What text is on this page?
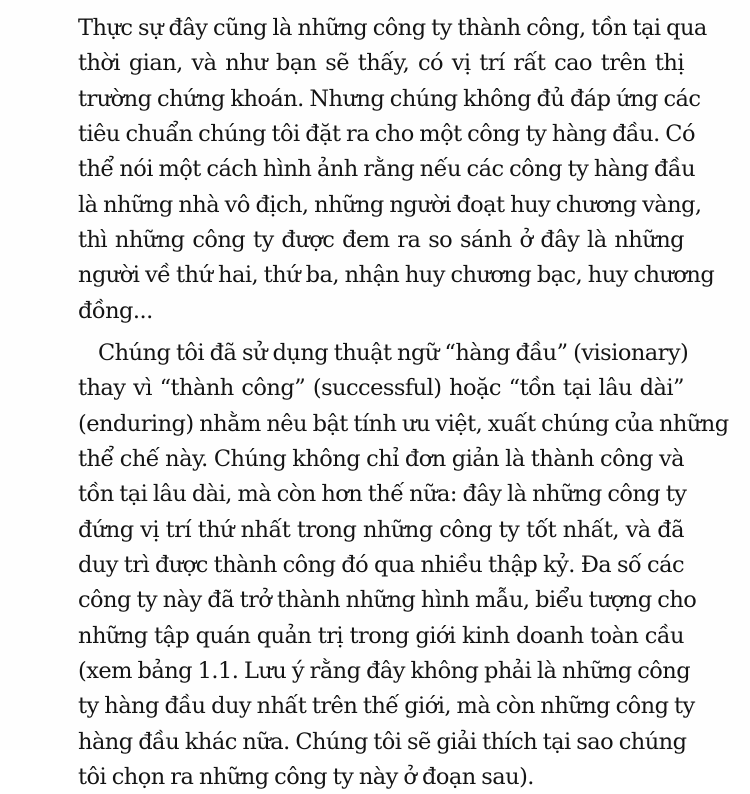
Thực sự đây cũng là những công ty thành công, tồn tại qua
thời gian, và như bạn sẽ thấy, có vị trí rất cao trên thị
trường chứng khoán. Nhưng chúng không đủ đáp ứng các
tiêu chuẩn chúng tôi đặt ra cho một công ty hàng đầu. Có
thể nói một cách hình ảnh rằng nếu các công ty hàng đầu
là những nhà vô địch, những người đoạt huy chương vàng,
thì những công ty được đem ra so sánh ở đây là những
người về thứ hai, thứ ba, nhận huy chương bạc, huy chương
đồng...
Chúng tôi đã sử dụng thuật ngữ “hàng đầu” (visionary)
thay vì “thành công” (successful) hoặc “tồn tại lâu dài”
(enduring) nhằm nêu bật tính ưu việt, xuất chúng của những
thể chế này. Chúng không chỉ đơn giản là thành công và
tồn tại lâu dài, mà còn hơn thế nữa: đây là những công ty
đứng vị trí thứ nhất trong những công ty tốt nhất, và đã
duy trì được thành công đó qua nhiều thập kỷ. Đa số các
công ty này đã trở thành những hình mẫu, biểu tượng cho
những tập quán quản trị trong giới kinh doanh toàn cầu
(xem bảng 1.1. Lưu ý rằng đây không phải là những công
ty hàng đầu duy nhất trên thế giới, mà còn những công ty
hàng đầu khác nữa. Chúng tôi sẽ giải thích tại sao chúng
tôi chọn ra những công ty này ở đoạn sau).
